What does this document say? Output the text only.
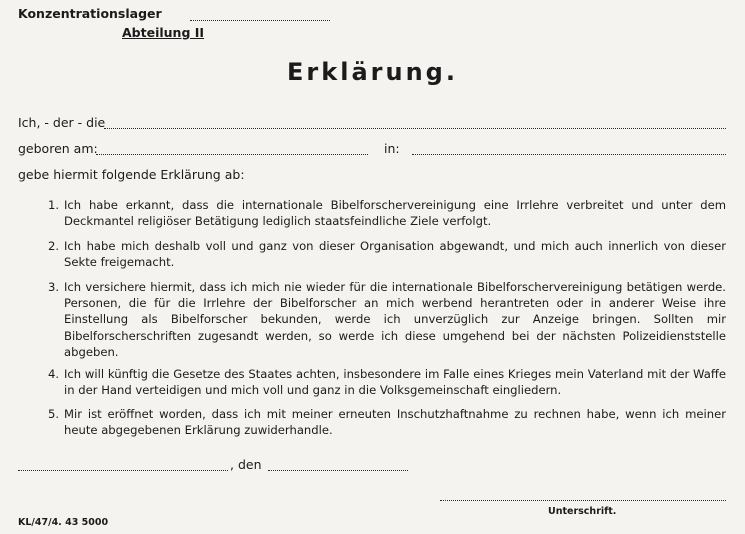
Konzentrationslager
Abteilung II
Erklärung.
Ich, - der - die
geboren am:	in:
gebe hiermit folgende Erklärung ab:
1. Ich habe erkannt, dass die internationale Bibelforschervereinigung eine Irrlehre verbreitet und unter dem Deckmantel religiöser Betätigung lediglich staatsfeindliche Ziele verfolgt.
2. Ich habe mich deshalb voll und ganz von dieser Organisation abgewandt, und mich auch innerlich von dieser Sekte freigemacht.
3. Ich versichere hiermit, dass ich mich nie wieder für die internationale Bibelforschervereinigung betätigen werde. Personen, die für die Irrlehre der Bibelforscher an mich werbend herantreten oder in anderer Weise ihre Einstellung als Bibelforscher bekunden, werde ich unverzüglich zur Anzeige bringen. Sollten mir Bibelforscherschriften zugesandt werden, so werde ich diese umgehend bei der nächsten Polizeidienststelle abgeben.
4. Ich will künftig die Gesetze des Staates achten, insbesondere im Falle eines Krieges mein Vaterland mit der Waffe in der Hand verteidigen und mich voll und ganz in die Volksgemeinschaft eingliedern.
5. Mir ist eröffnet worden, dass ich mit meiner erneuten Inschutzhaftnahme zu rechnen habe, wenn ich meiner heute abgegebenen Erklärung zuwiderhandle.
, den
Unterschrift.
KL/47/4. 43 5000
